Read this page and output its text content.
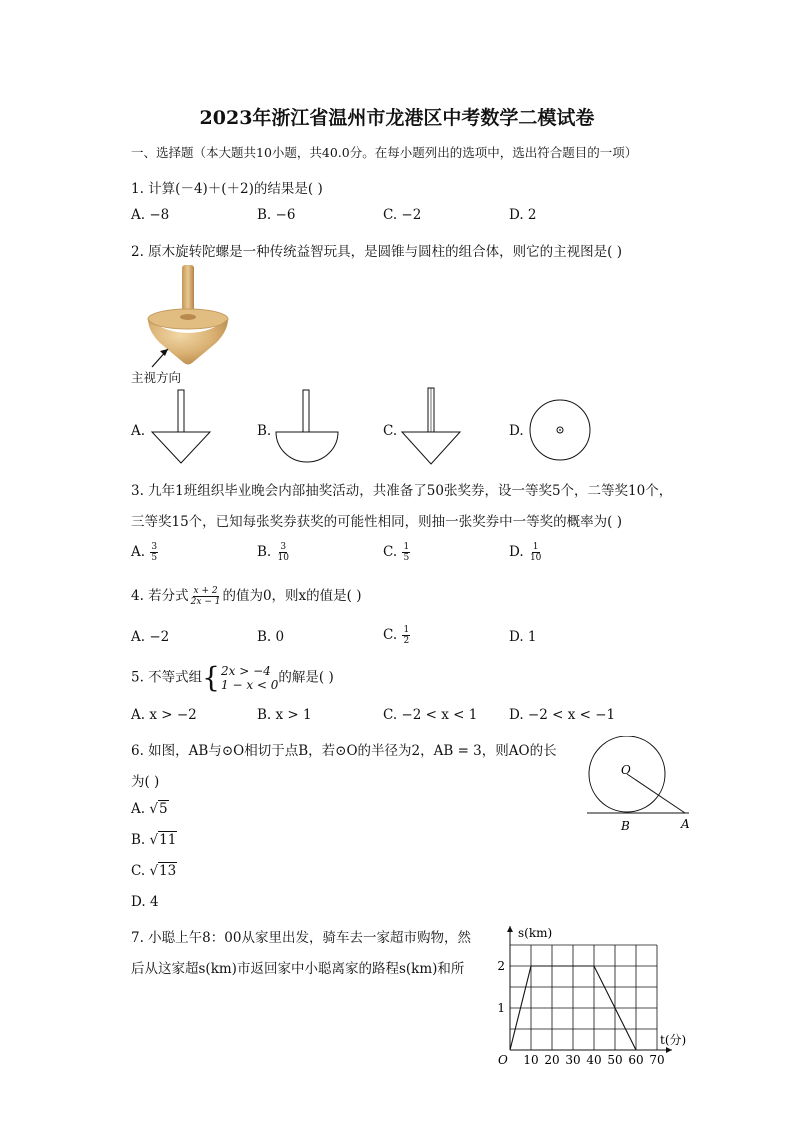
2023年浙江省温州市龙港区中考数学二模试卷
一、选择题（本大题共10小题，共40.0分。在每小题列出的选项中，选出符合题目的一项）
1. 计算(－4)＋(＋2)的结果是( )
A. −8	B. −6	C. −2	D. 2
2. 原木旋转陀螺是一种传统益智玩具，是圆锥与圆柱的组合体，则它的主视图是( )
主视方向
A.	B.	C.	D.
3. 九年1班组织毕业晚会内部抽奖活动，共准备了50张奖券，设一等奖5个，二等奖10个，
三等奖15个，已知每张奖券获奖的可能性相同，则抽一张奖券中一等奖的概率为( )
A. $\frac{3}{5}$	B. $\frac{3}{10}$	C. $\frac{1}{5}$	D. $\frac{1}{10}$
4. 若分式 $\frac{x + 2}{2x - 1}$ 的值为0，则x的值是( )
A. −2	B. 0	C. $\frac{1}{2}$	D. 1
5. 不等式组 { 2x > −4
1 − x < 0 的解是( )
A. x > −2	B. x > 1	C. −2 < x < 1 D. −2 < x < −1
6. 如图，AB与⊙O相切于点B，若⊙O的半径为2，AB = 3，则AO的长
为( )
A. √5
B. √11
C. √13
D. 4
O
B	A
7. 小聪上午8：00从家里出发，骑车去一家超市购物，然
后从这家超s(km)市返回家中小聪离家的路程s(km)和所
10 20 30 40 50 60 70
1
2
s(km)
t(分)
O
